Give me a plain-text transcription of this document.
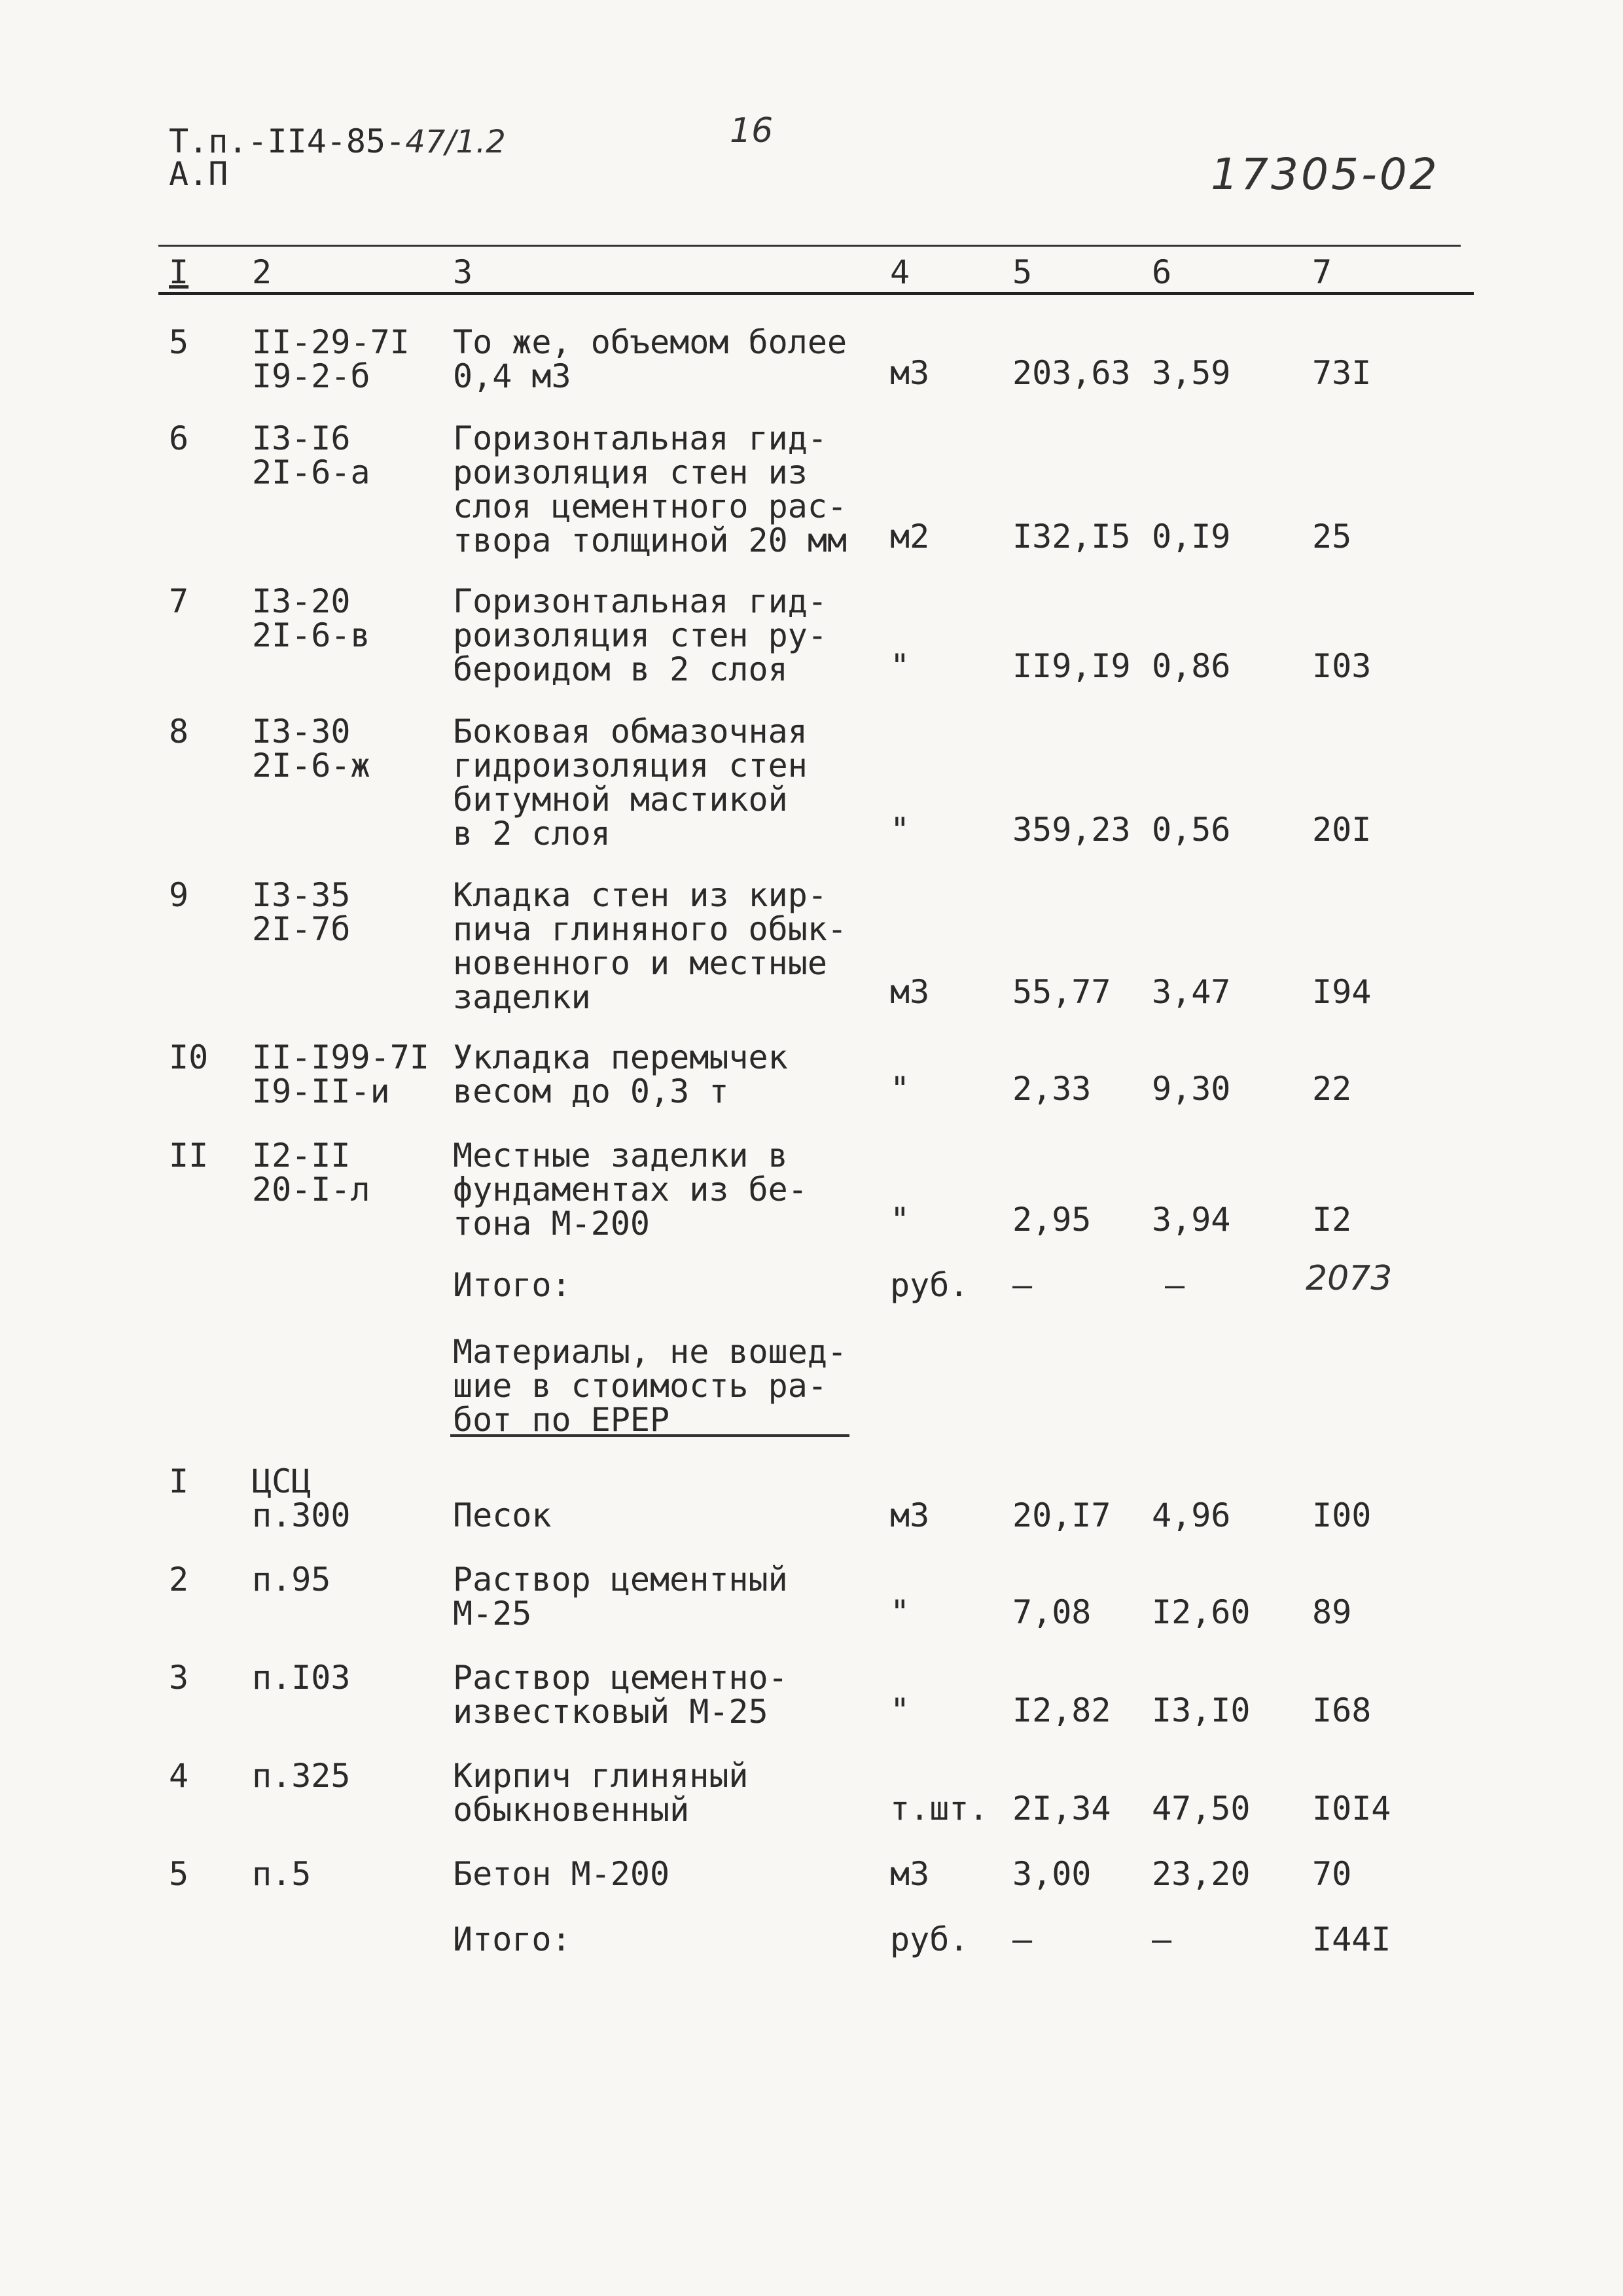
Т.п.-II4-85-47/1.2
А.П
16
17305-02
I 2	3	4	5	6	7
5 II-29-7I
I9-2-б
То же, объемом более
0,4 м3	м3	203,63 3,59 73I
6 I3-I6
2I-6-а
Горизонтальная гид-
роизоляция стен из
слоя цементного рас-
твора толщиной 20 мм м2	I32,I5 0,I9 25
7 I3-20
2I-6-в
Горизонтальная гид-
роизоляция стен ру-
бероидом в 2 слоя	"	II9,I9 0,86 I03
8 I3-30
2I-6-ж
Боковая обмазочная
гидроизоляция стен
битумной мастикой
в 2 слоя	"	359,23 0,56 20I
9 I3-35
2I-7б
Кладка стен из кир-
пича глиняного обык-
новенного и местные
заделки	м3	55,77 3,47 I94
I0 II-I99-7I
I9-II-и
Укладка перемычек
весом до 0,3 т	"	2,33 9,30 22
II I2-II
20-I-л
Местные заделки в
фундаментах из бе-
тона М-200	"	2,95 3,94 I2
Итого:	руб. –	–	2073
Материалы, не вошед-
шие в стоимость ра-
бот по ЕРЕР
I ЦСЦ
п.300	Песок	м3	20,I7 4,96 I00
2 п.95	Раствор цементный
М-25	"	7,08 I2,60 89
3 п.I03	Раствор цементно-
известковый М-25	"	I2,82 I3,I0 I68
4 п.325	Кирпич глиняный
обыкновенный	т.шт. 2I,34 47,50 I0I4
5 п.5	Бетон М-200	м3	3,00 23,20 70
Итого:	руб. –	–	I44I
